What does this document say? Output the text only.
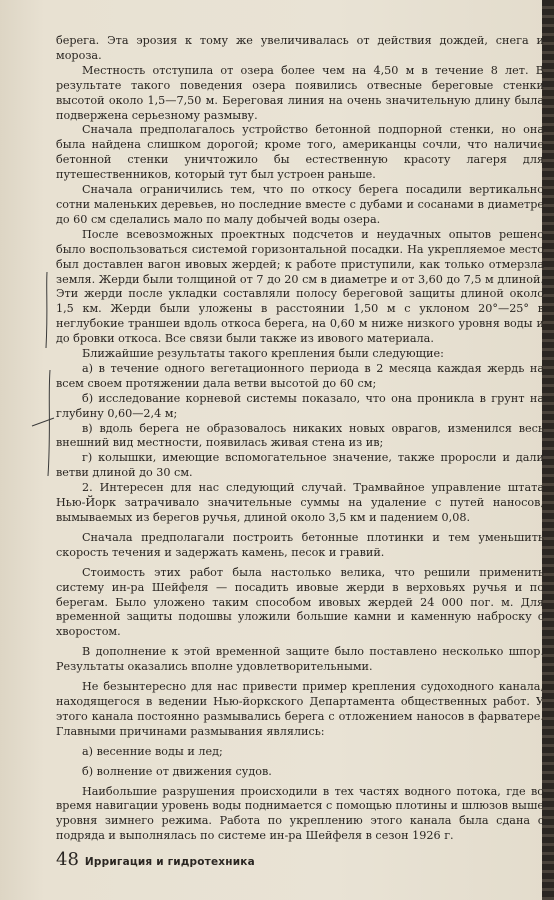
берега. Эта эрозия к тому же увеличивалась от действия дождей, снега и мороза.

Местность отступила от озера более чем на 4,50 м в течение 8 лет. В результате такого поведения озера появились отвесные береговые стенки высотой около 1,5—7,50 м. Береговая линия на очень значительную длину была подвержена серьезному размыву.

Сначала предполагалось устройство бетонной подпорной стенки, но она была найдена слишком дорогой; кроме того, американцы сочли, что наличие бетонной стенки уничтожило бы естественную красоту лагеря для путешественников, который тут был устроен раньше.

Сначала ограничились тем, что по откосу берега посадили вертикально сотни маленьких деревьев, но последние вместе с дубами и сосанами в диаметре до 60 см сделались мало по малу добычей воды озера.

После всевозможных проектных подсчетов и неудачных опытов решено было воспользоваться системой горизонтальной посадки. На укрепляемое место был доставлен вагон ивовых жердей; к работе приступили, как только отмерзла земля. Жерди были толщиной от 7 до 20 см в диаметре и от 3,60 до 7,5 м длиной. Эти жерди после укладки составляли полосу береговой защиты длиной около 1,5 км. Жерди были уложены в расстоянии 1,50 м с уклоном 20°—25° в неглубокие траншеи вдоль откоса берега, на 0,60 м ниже низкого уровня воды и до бровки откоса. Все связи были также из ивового материала.

Ближайшие результаты такого крепления были следующие:

а) в течение одного вегетационного периода в 2 месяца каждая жердь на всем своем протяжении дала ветви высотой до 60 см;

б) исследование корневой системы показало, что она проникла в грунт на глубину 0,60—2,4 м;

в) вдоль берега не образовалось никаких новых оврагов, изменился весь внешний вид местности, появилась живая стена из ив;

г) колышки, имеющие вспомогательное значение, также проросли и дали ветви длиной до 30 см.

2. Интересен для нас следующий случай. Трамвайное управление штата Нью-Йорк затрачивало значительные суммы на удаление с путей наносов, вымываемых из берегов ручья, длиной около 3,5 км и падением 0,08.

Сначала предполагали построить бетонные плотинки и тем уменьшить скорость течения и задержать камень, песок и гравий.

Стоимость этих работ была настолько велика, что решили применить систему ин-ра Шейфеля — посадить ивовые жерди в верховьях ручья и по берегам. Было уложено таким способом ивовых жердей 24 000 пог. м. Для временной защиты подошвы уложили большие камни и каменную наброску с хворостом.

В дополнение к этой временной защите было поставлено несколько шпор. Результаты оказались вполне удовлетворительными.

Не безынтересно для нас привести пример крепления судоходного канала, находящегося в ведении Нью-йоркского Департамента общественных работ. У этого канала постоянно размывались берега с отложением наносов в фарватере. Главными причинами размывания являлись:

а) весенние воды и лед;

б) волнение от движения судов.

Наибольшие разрушения происходили в тех частях водного потока, где во время навигации уровень воды поднимается с помощью плотины и шлюзов выше уровня зимнего режима. Работа по укреплению этого канала была сдана с подряда и выполнялась по системе ин-ра Шейфеля в сезон 1926 г.

48 Ирригация и гидротехника
